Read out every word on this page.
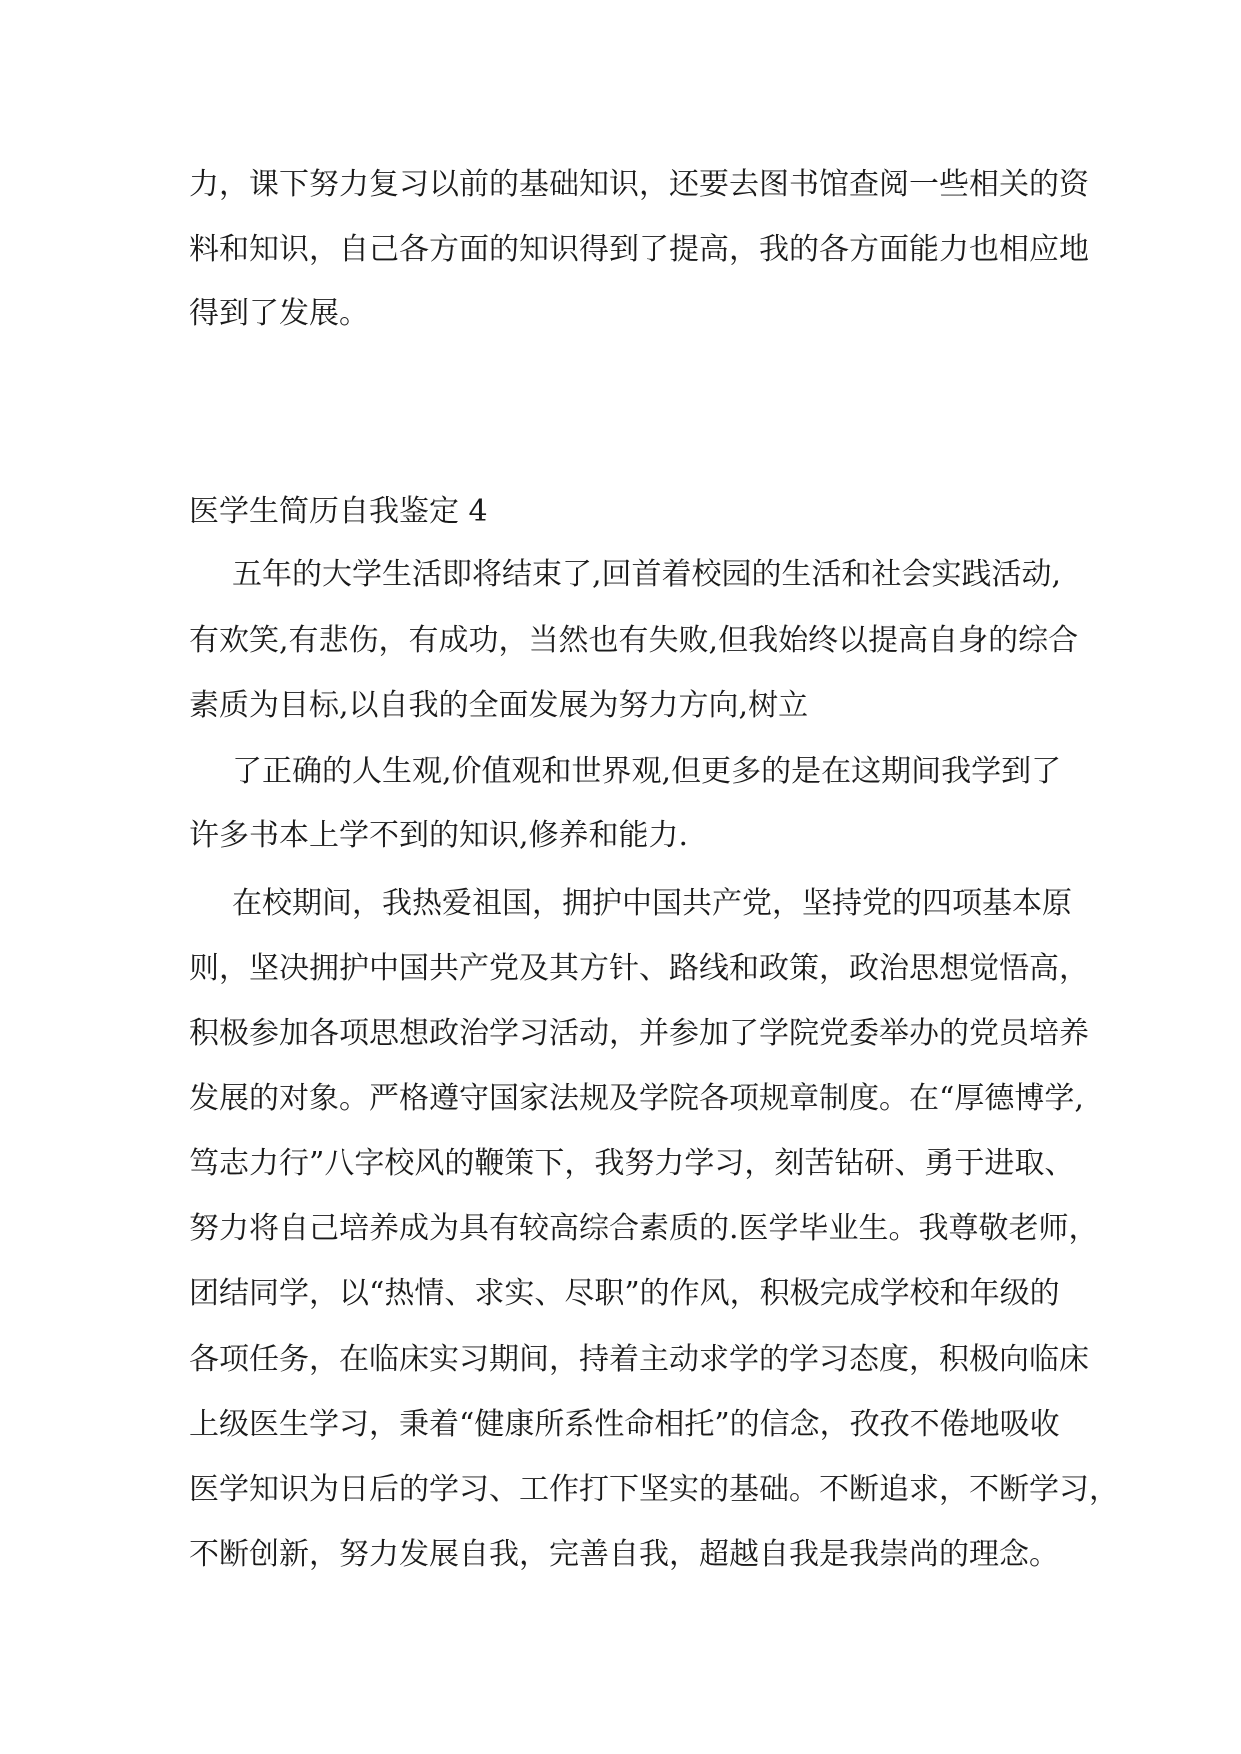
力，课下努力复习以前的基础知识，还要去图书馆查阅一些相关的资
料和知识，自己各方面的知识得到了提高，我的各方面能力也相应地
得到了发展。
医学生简历自我鉴定 4
五年的大学生活即将结束了,回首着校园的生活和社会实践活动,
有欢笑,有悲伤，有成功，当然也有失败,但我始终以提高自身的综合
素质为目标,以自我的全面发展为努力方向,树立
了正确的人生观,价值观和世界观,但更多的是在这期间我学到了
许多书本上学不到的知识,修养和能力.
在校期间，我热爱祖国，拥护中国共产党，坚持党的四项基本原
则，坚决拥护中国共产党及其方针、路线和政策，政治思想觉悟高，
积极参加各项思想政治学习活动，并参加了学院党委举办的党员培养
发展的对象。严格遵守国家法规及学院各项规章制度。在“厚德博学,
笃志力行”八字校风的鞭策下，我努力学习，刻苦钻研、勇于进取、
努力将自己培养成为具有较高综合素质的.医学毕业生。我尊敬老师，
团结同学，以“热情、求实、尽职”的作风，积极完成学校和年级的
各项任务，在临床实习期间，持着主动求学的学习态度，积极向临床
上级医生学习，秉着“健康所系性命相托”的信念，孜孜不倦地吸收
医学知识为日后的学习、工作打下坚实的基础。不断追求，不断学习，
不断创新，努力发展自我，完善自我，超越自我是我崇尚的理念。
